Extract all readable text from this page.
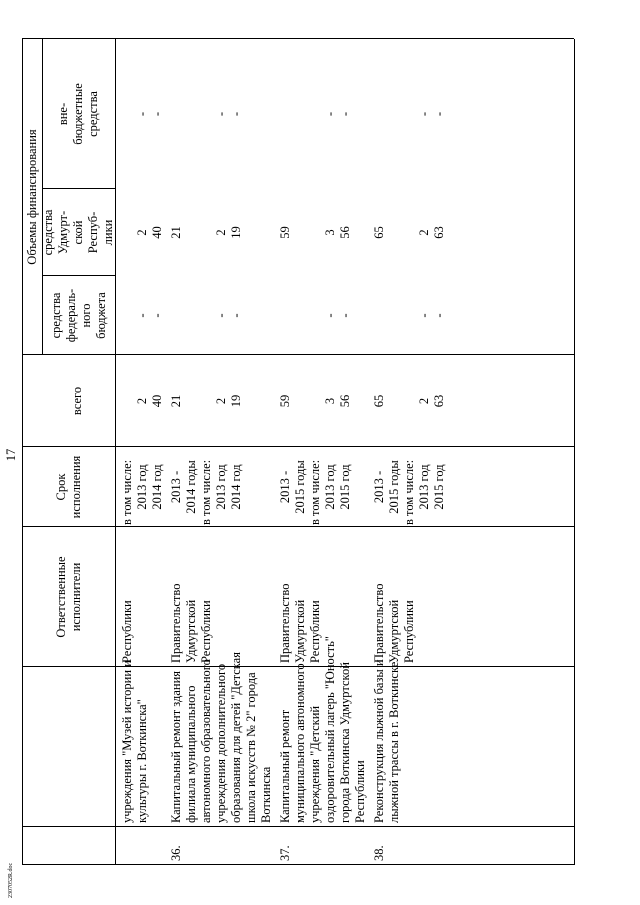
17
Ответственные исполнители
Срок исполнения
всего
Объемы финансирования
средства федераль- ного бюджета
средства Удмурт- ской Респуб- лики
вне- бюджетные средства
учреждения "Музей истории и культуры г. Воткинска"
Республики
в том числе: 2013 год 2014 год
2 40
- -
2 40
- -
36.
Капитальный ремонт здания филиала муниципального автономного образовательного учреждения дополнительного образования для детей "Детская школа искусств № 2" города Воткинска
Правительство Удмуртской Республики
2013 - 2014 годы в том числе: 2013 год 2014 год
21 2 19
- -
21 2 19
- -
37.
Капитальный ремонт муниципального автономного учреждения "Детский оздоровительный лагерь "Юность" города Воткинска Удмуртской Республики
Правительство Удмуртской Республики
2013 - 2015 годы в том числе: 2013 год 2015 год
59 3 56
- -
59 3 56
- -
38.
Реконструкция лыжной базы и лыжной трассы в г. Воткинске
Правительство Удмуртской Республики
2013 - 2015 годы в том числе: 2013 год 2015 год
65 2 63
- -
65 2 63
- -
2307052R.doc
